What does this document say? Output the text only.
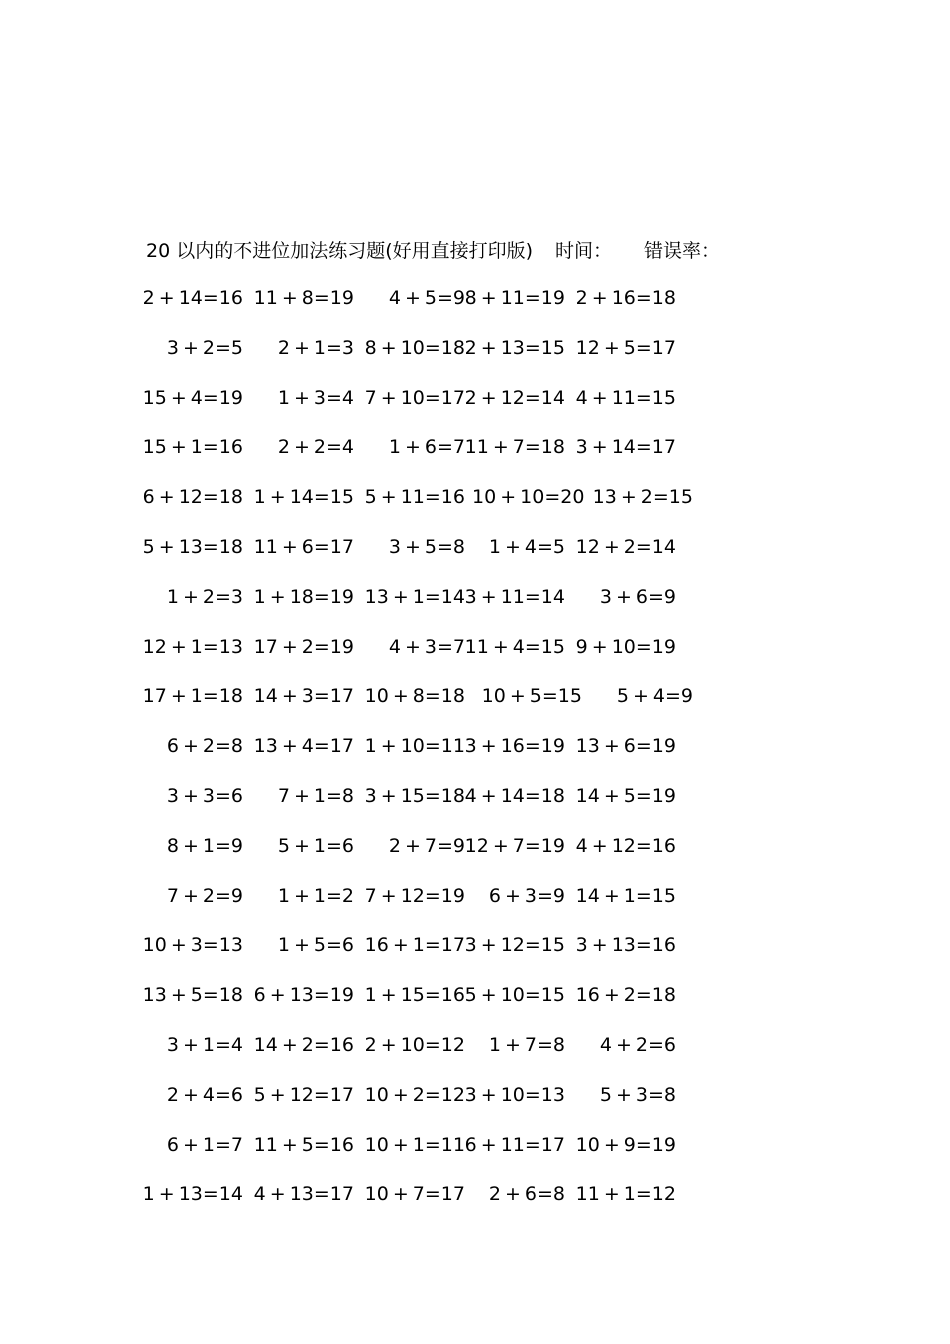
20 以内的不进位加法练习题(好用直接打印版) 时间： 错误率：
2 + 14=16 11 + 8=19	4 + 5=9 8 + 11=19 2 + 16=18
3 + 2=5	2 + 1=3 8 + 10=18 2 + 13=15 12 + 5=17
15 + 4=19	1 + 3=4 7 + 10=17 2 + 12=14 4 + 11=15
15 + 1=16	2 + 2=4	1 + 6=7 11 + 7=18 3 + 14=17
6 + 12=18 1 + 14=15 5 + 11=16 10 + 10=20 13 + 2=15
5 + 13=18 11 + 6=17	3 + 5=8	1 + 4=5 12 + 2=14
1 + 2=3 1 + 18=19 13 + 1=14 3 + 11=14	3 + 6=9
12 + 1=13 17 + 2=19	4 + 3=7 11 + 4=15 9 + 10=19
17 + 1=18 14 + 3=17 10 + 8=18 10 + 5=15	5 + 4=9
6 + 2=8 13 + 4=17 1 + 10=11 3 + 16=19 13 + 6=19
3 + 3=6	7 + 1=8 3 + 15=18 4 + 14=18 14 + 5=19
8 + 1=9	5 + 1=6	2 + 7=9 12 + 7=19 4 + 12=16
7 + 2=9	1 + 1=2 7 + 12=19	6 + 3=9 14 + 1=15
10 + 3=13	1 + 5=6 16 + 1=17 3 + 12=15 3 + 13=16
13 + 5=18 6 + 13=19 1 + 15=16 5 + 10=15 16 + 2=18
3 + 1=4 14 + 2=16 2 + 10=12	1 + 7=8	4 + 2=6
2 + 4=6 5 + 12=17 10 + 2=12 3 + 10=13	5 + 3=8
6 + 1=7 11 + 5=16 10 + 1=11 6 + 11=17 10 + 9=19
1 + 13=14 4 + 13=17 10 + 7=17	2 + 6=8 11 + 1=12
